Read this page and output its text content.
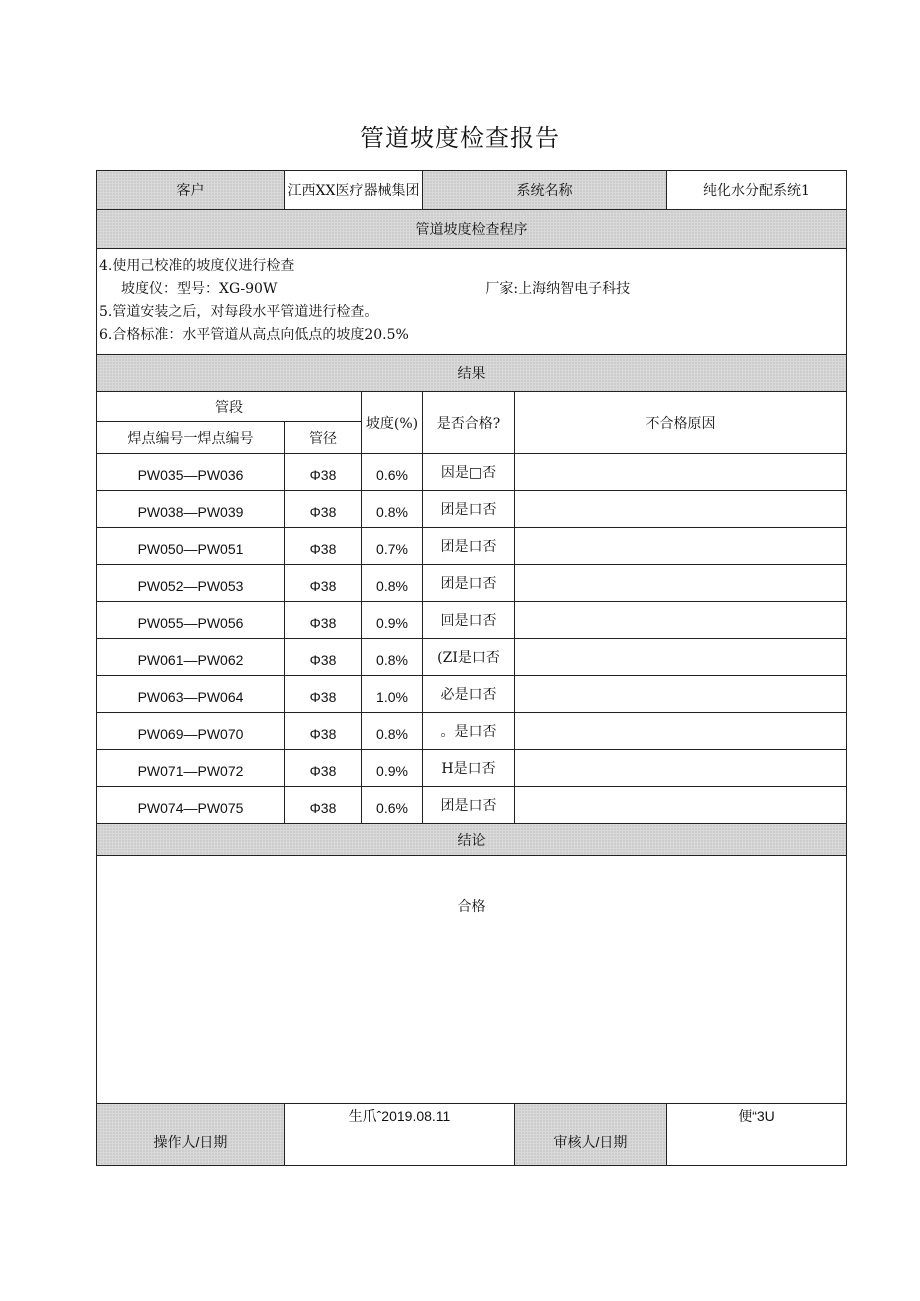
管道坡度检查报告
客户	江西XX医疗器械集团		系统名称		纯化水分配系统1
管道坡度检查程序					

4.使用己校准的坡度仪进行检查
坡度仪：型号：XG-90W 厂家:上海纳智电子科技
5.管道安装之后，对每段水平管道进行检查。
6.合格标准：水平管道从高点向低点的坡度20.5%					

结果					
管段		坡度(%)	是否合格?	不合格原因	
焊点编号一焊点编号	管径				
PW035—PW036	Φ38	0.6%	因是□否		
PW038—PW039	Φ38	0.8%	团是口否		
PW050—PW051	Φ38	0.7%	团是口否		
PW052—PW053	Φ38	0.8%	团是口否		
PW055—PW056	Φ38	0.9%	回是口否		
PW061—PW062	Φ38	0.8%	(ZI是口否		
PW063—PW064	Φ38	1.0%	必是口否		
PW069—PW070	Φ38	0.8%	。是口否		
PW071—PW072	Φ38	0.9%	H是口否		
PW074—PW075	Φ38	0.6%	团是口否		
结论					
合格					
操作人/日期	生爪ˆ2019.08.11			审核人/日期	便“3U
